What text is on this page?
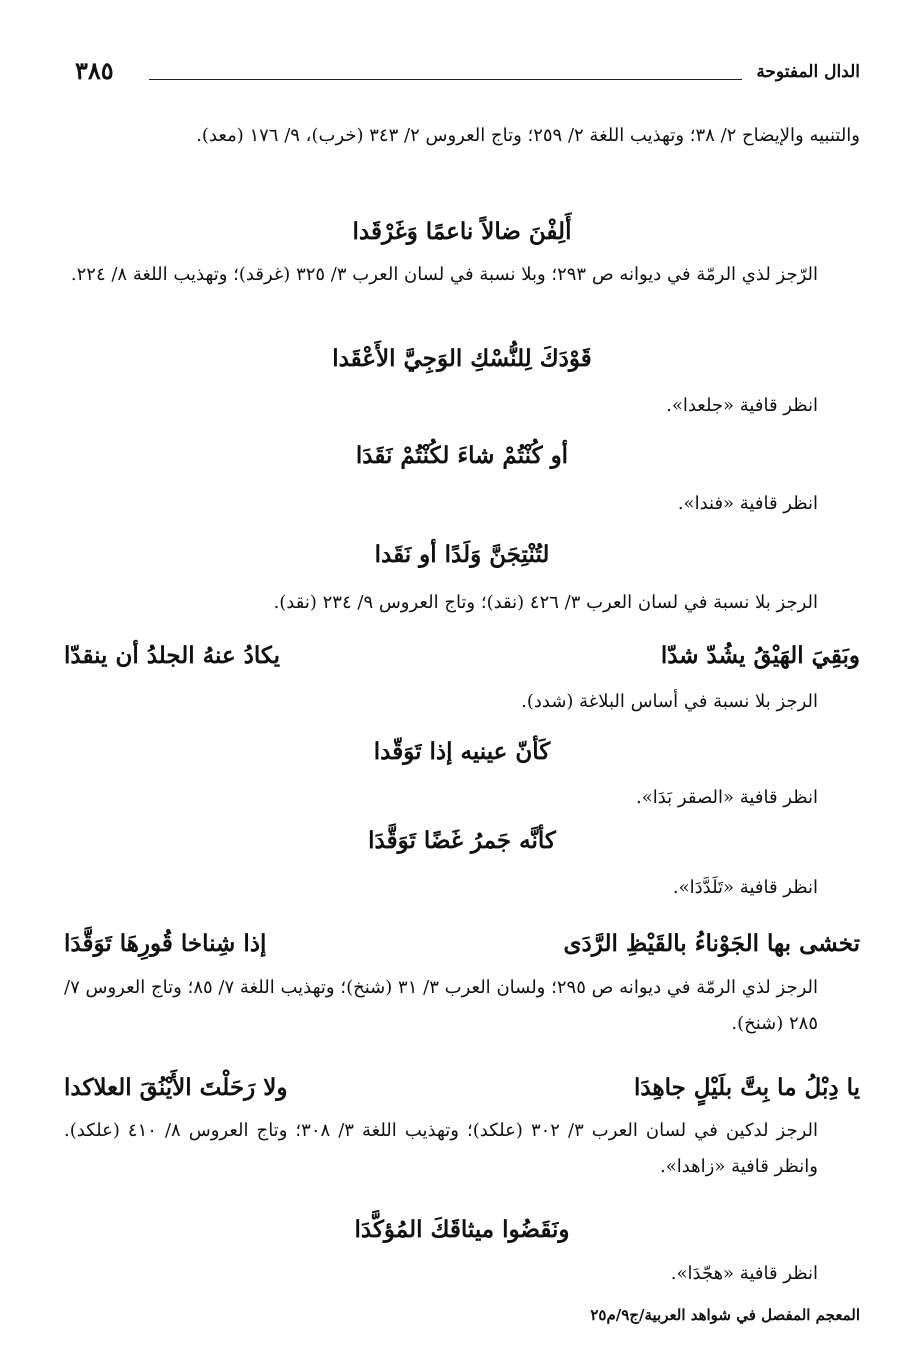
الدال المفتوحة
٣٨٥

والتنبيه والإيضاح ٢/ ٣٨؛ وتهذيب اللغة ٢/ ٢٥٩؛ وتاج العروس ٢/ ٣٤٣ (خرب)، ٩/ ١٧٦ (معد).

أَلِفْنَ ضالاً ناعمًا وَغَرْقَدا

الرّجز لذي الرمّة في ديوانه ص ٢٩٣؛ وبلا نسبة في لسان العرب ٣/ ٣٢٥ (غرقد)؛ وتهذيب اللغة ٨/ ٢٢٤.

قَوْدَكَ لِلنُّسْكِ الوَجِيَّ الأَعْقَدا

انظر قافية «جلعدا».

أو كُنْتُمْ شاءَ لكُنْتُمْ نَقَدَا

انظر قافية «فندا».

لتُنْتِجَنَّ وَلَدًا أو نَقَدا

الرجز بلا نسبة في لسان العرب ٣/ ٤٢٦ (نقد)؛ وتاج العروس ٩/ ٢٣٤ (نقد).

وبَقِيَ الهَيْقُ يشُدّ شدّا
يكادُ عنهُ الجلدُ أن ينقدّا

الرجز بلا نسبة في أساس البلاغة (شدد).

كَأنّ عينيه إذا تَوَقّدا

انظر قافية «الصقر بَدَا».

كأنَّه جَمرُ غَضًا تَوَقَّدَا

انظر قافية «تَلَدَّدَا».

تخشى بها الجَوْناءُ بالقَيْظِ الرَّدَى
إذا شِناخا قُورِهَا تَوَقَّدَا

الرجز لذي الرمّة في ديوانه ص ٢٩٥؛ ولسان العرب ٣/ ٣١ (شنخ)؛ وتهذيب اللغة ٧/ ٨٥؛ وتاج العروس ٧/ ٢٨٥ (شنخ).

يا دِبْلُ ما بِتَّ بلَيْلٍ جاهِدَا
ولا رَحَلْتَ الأَيْنُقَ العلاكدا

الرجز لدكين في لسان العرب ٣/ ٣٠٢ (علكد)؛ وتهذيب اللغة ٣/ ٣٠٨؛ وتاج العروس ٨/ ٤١٠ (علكد). وانظر قافية «زاهدا».

ونَقَضُوا ميثاقَكَ المُؤكَّدَا

انظر قافية «هجّدَا».

المعجم المفصل في شواهد العربية/ج٩/م٢٥
